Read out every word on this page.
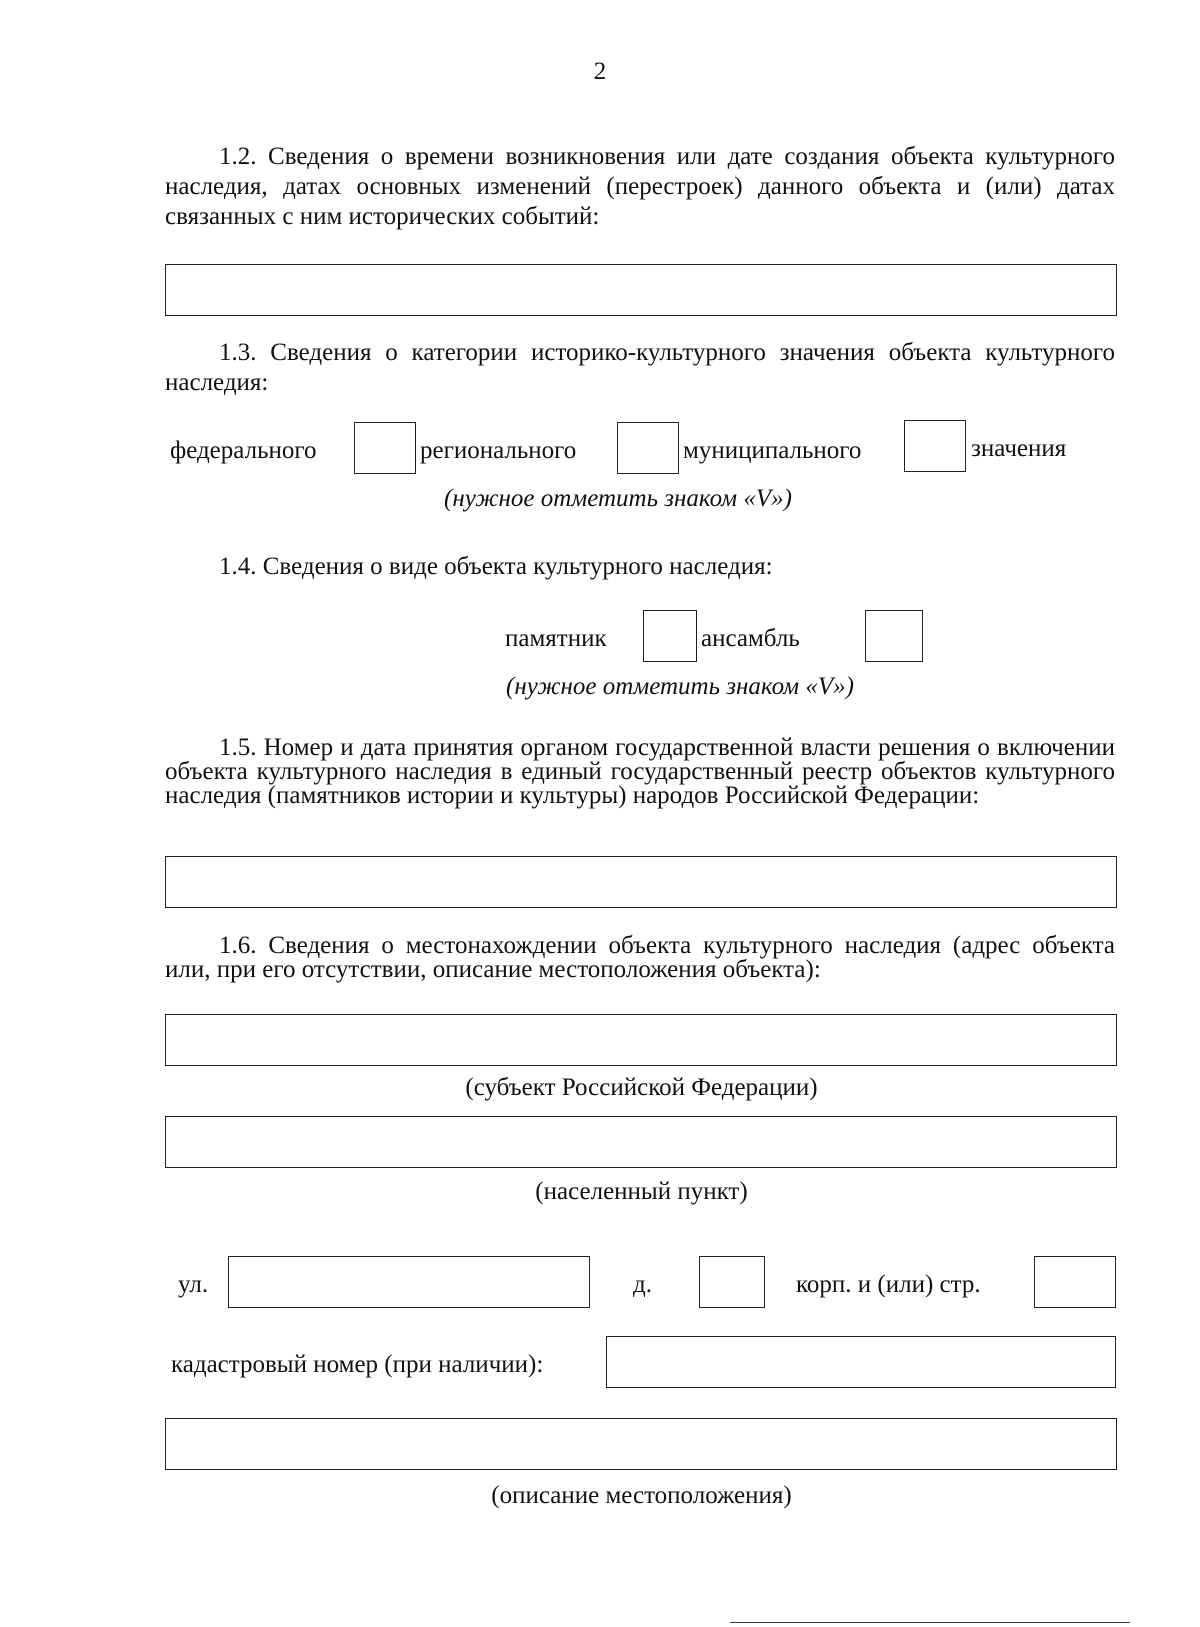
2
1.2. Сведения о времени возникновения или дате создания объекта культурного наследия, датах основных изменений (перестроек) данного объекта и (или) датах связанных с ним исторических событий:
1.3. Сведения о категории историко-культурного значения объекта культурного наследия:
федерального	регионального	муниципального	значения
(нужное отметить знаком «V»)
1.4. Сведения о виде объекта культурного наследия:
памятник	ансамбль
(нужное отметить знаком «V»)
1.5. Номер и дата принятия органом государственной власти решения о включении объекта культурного наследия в единый государственный реестр объектов культурного наследия (памятников истории и культуры) народов Российской Федерации:
1.6. Сведения о местонахождении объекта культурного наследия (адрес объекта или, при его отсутствии, описание местоположения объекта):
(субъект Российской Федерации)
(населенный пункт)
ул.	д.	корп. и (или) стр.
кадастровый номер (при наличии):
(описание местоположения)
